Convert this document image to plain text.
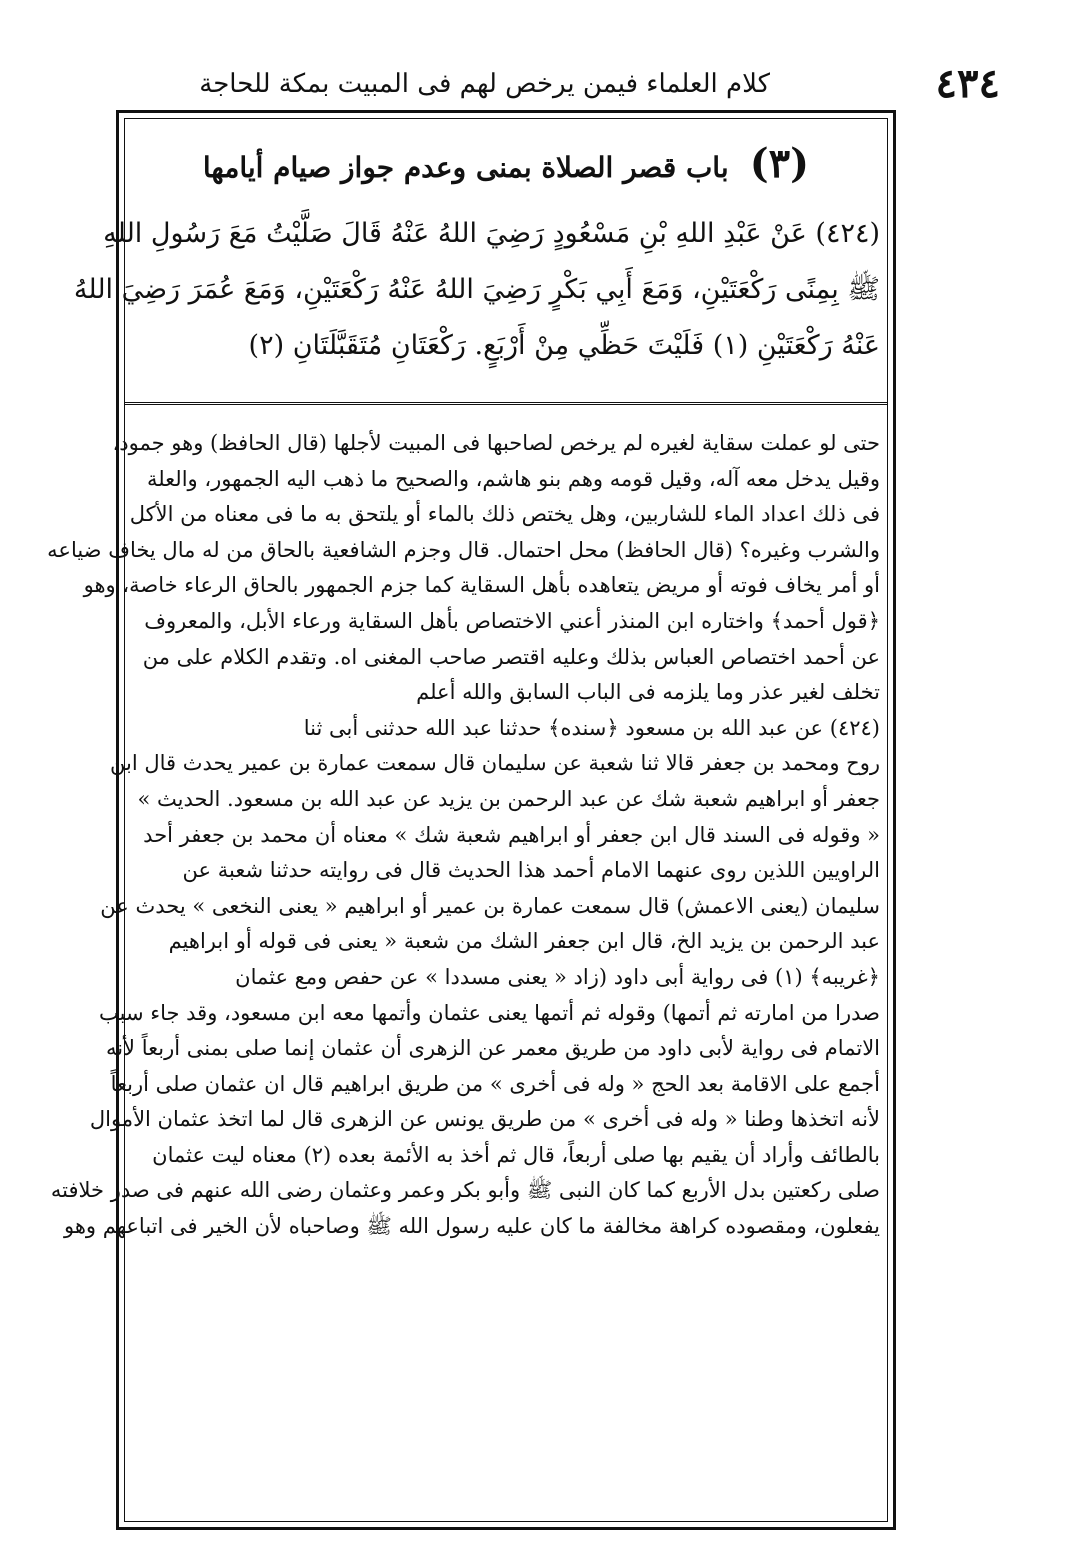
٤٣٤
كلام العلماء فيمن يرخص لهم فى المبيت بمكة للحاجة
(٣) باب قصر الصلاة بمنى وعدم جواز صيام أيامها
(٤٢٤) عَنْ عَبْدِ اللهِ بْنِ مَسْعُودٍ رَضِيَ اللهُ عَنْهُ قَالَ صَلَّيْتُ مَعَ رَسُولِ اللهِ
ﷺ بِمِنًى رَكْعَتَيْنِ، وَمَعَ أَبِي بَكْرٍ رَضِيَ اللهُ عَنْهُ رَكْعَتَيْنِ، وَمَعَ عُمَرَ رَضِيَ اللهُ
عَنْهُ رَكْعَتَيْنِ (١) فَلَيْتَ حَظِّي مِنْ أَرْبَعٍ. رَكْعَتَانِ مُتَقَبَّلَتَانِ (٢)
حتى لو عملت سقاية لغيره لم يرخص لصاحبها فى المبيت لأجلها (قال الحافظ) وهو جمود،
وقيل يدخل معه آله، وقيل قومه وهم بنو هاشم، والصحيح ما ذهب اليه الجمهور، والعلة
فى ذلك اعداد الماء للشاربين، وهل يختص ذلك بالماء أو يلتحق به ما فى معناه من الأكل
والشرب وغيره؟ (قال الحافظ) محل احتمال. قال وجزم الشافعية بالحاق من له مال يخاف ضياعه
أو أمر يخاف فوته أو مريض يتعاهده بأهل السقاية كما جزم الجمهور بالحاق الرعاء خاصة، وهو
﴿قول أحمد﴾ واختاره ابن المنذر أعني الاختصاص بأهل السقاية ورعاء الأبل، والمعروف
عن أحمد اختصاص العباس بذلك وعليه اقتصر صاحب المغنى اه. وتقدم الكلام على من
تخلف لغير عذر وما يلزمه فى الباب السابق والله أعلم
(٤٢٤) عن عبد الله بن مسعود ﴿سنده﴾ حدثنا عبد الله حدثنى أبى ثنا
روح ومحمد بن جعفر قالا ثنا شعبة عن سليمان قال سمعت عمارة بن عمير يحدث قال ابن
جعفر أو ابراهيم شعبة شك عن عبد الرحمن بن يزيد عن عبد الله بن مسعود. الحديث »
« وقوله فى السند قال ابن جعفر أو ابراهيم شعبة شك » معناه أن محمد بن جعفر أحد
الراويين اللذين روى عنهما الامام أحمد هذا الحديث قال فى روايته حدثنا شعبة عن
سليمان (يعنى الاعمش) قال سمعت عمارة بن عمير أو ابراهيم « يعنى النخعى » يحدث عن
عبد الرحمن بن يزيد الخ، قال ابن جعفر الشك من شعبة « يعنى فى قوله أو ابراهيم
﴿غريبه﴾ (١) فى رواية أبى داود (زاد « يعنى مسددا » عن حفص ومع عثمان
صدرا من امارته ثم أتمها) وقوله ثم أتمها يعنى عثمان وأتمها معه ابن مسعود، وقد جاء سبب
الاتمام فى رواية لأبى داود من طريق معمر عن الزهرى أن عثمان إنما صلى بمنى أربعاً لأنه
أجمع على الاقامة بعد الحج « وله فى أخرى » من طريق ابراهيم قال ان عثمان صلى أربعاً
لأنه اتخذها وطنا « وله فى أخرى » من طريق يونس عن الزهرى قال لما اتخذ عثمان الأموال
بالطائف وأراد أن يقيم بها صلى أربعاً، قال ثم أخذ به الأئمة بعده (٢) معناه ليت عثمان
صلى ركعتين بدل الأربع كما كان النبى ﷺ وأبو بكر وعمر وعثمان رضى الله عنهم فى صدر خلافته
يفعلون، ومقصوده كراهة مخالفة ما كان عليه رسول الله ﷺ وصاحباه لأن الخير فى اتباعهم وهو
